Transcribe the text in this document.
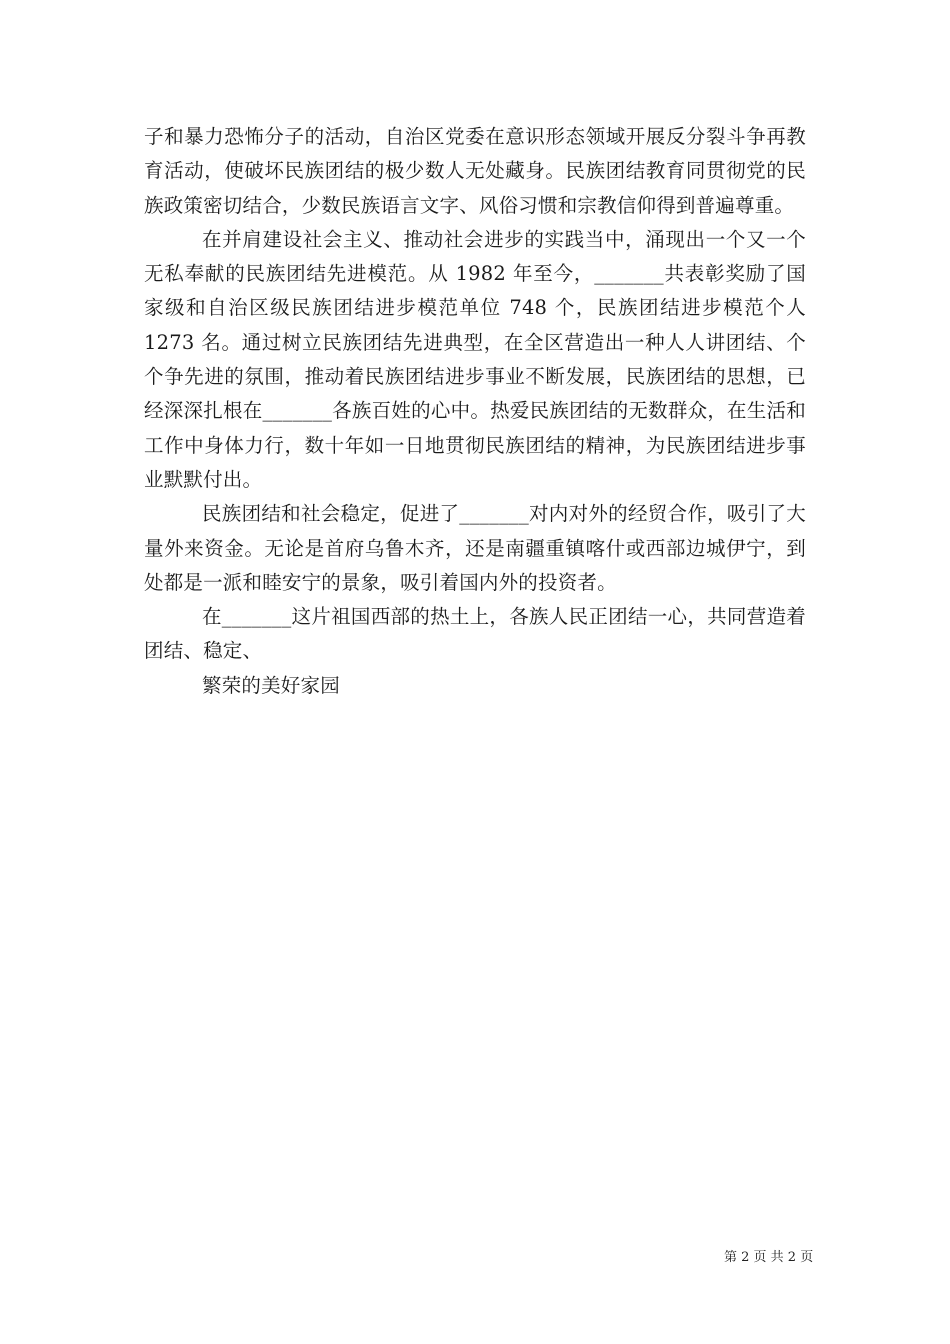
子和暴力恐怖分子的活动，自治区党委在意识形态领域开展反分裂斗争再教育活动，使破坏民族团结的极少数人无处藏身。民族团结教育同贯彻党的民族政策密切结合，少数民族语言文字、风俗习惯和宗教信仰得到普遍尊重。

在并肩建设社会主义、推动社会进步的实践当中，涌现出一个又一个无私奉献的民族团结先进模范。从 1982 年至今，_______共表彰奖励了国家级和自治区级民族团结进步模范单位 748 个，民族团结进步模范个人 1273 名。通过树立民族团结先进典型，在全区营造出一种人人讲团结、个个争先进的氛围，推动着民族团结进步事业不断发展，民族团结的思想，已经深深扎根在_______各族百姓的心中。热爱民族团结的无数群众，在生活和工作中身体力行，数十年如一日地贯彻民族团结的精神，为民族团结进步事业默默付出。

民族团结和社会稳定，促进了_______对内对外的经贸合作，吸引了大量外来资金。无论是首府乌鲁木齐，还是南疆重镇喀什或西部边城伊宁，到处都是一派和睦安宁的景象，吸引着国内外的投资者。

在_______这片祖国西部的热土上，各族人民正团结一心，共同营造着团结、稳定、

繁荣的美好家园

第 2 页 共 2 页
